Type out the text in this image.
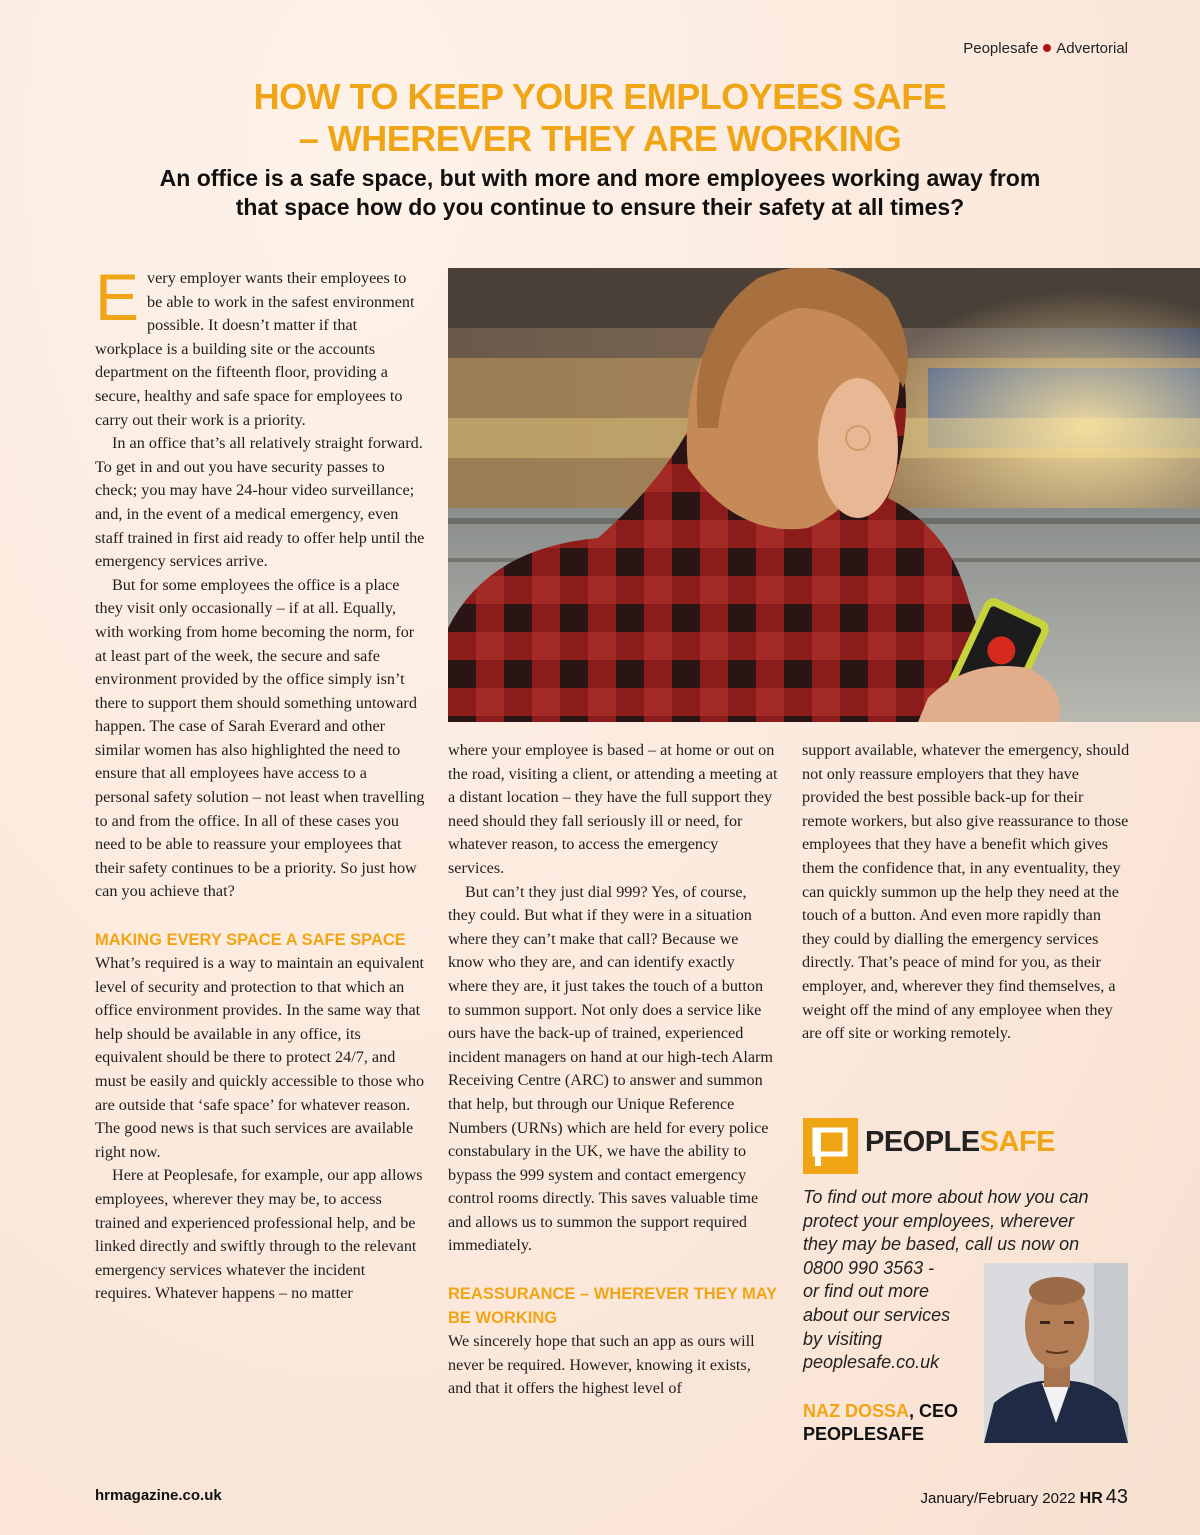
Peoplesafe Advertorial
HOW TO KEEP YOUR EMPLOYEES SAFE
– WHEREVER THEY ARE WORKING
An office is a safe space, but with more and more employees working away from
that space how do you continue to ensure their safety at all times?

Every employer wants their employees to be able to work in the safest environment possible. It doesn’t matter if that workplace is a building site or the accounts department on the fifteenth floor, providing a secure, healthy and safe space for employees to carry out their work is a priority.

In an office that’s all relatively straight forward. To get in and out you have security passes to check; you may have 24-hour video surveillance; and, in the event of a medical emergency, even staff trained in first aid ready to offer help until the emergency services arrive.

But for some employees the office is a place they visit only occasionally – if at all. Equally, with working from home becoming the norm, for at least part of the week, the secure and safe environment provided by the office simply isn’t there to support them should something untoward happen. The case of Sarah Everard and other similar women has also highlighted the need to ensure that all employees have access to a personal safety solution – not least when travelling to and from the office. In all of these cases you need to be able to reassure your employees that their safety continues to be a priority. So just how can you achieve that?

MAKING EVERY SPACE A SAFE SPACE

What’s required is a way to maintain an equivalent level of security and protection to that which an office environment provides. In the same way that help should be available in any office, its equivalent should be there to protect 24/7, and must be easily and quickly accessible to those who are outside that ‘safe space’ for whatever reason. The good news is that such services are available right now.

Here at Peoplesafe, for example, our app allows employees, wherever they may be, to access trained and experienced professional help, and be linked directly and swiftly through to the relevant emergency services whatever the incident requires. Whatever happens – no matter

where your employee is based – at home or out on the road, visiting a client, or attending a meeting at a distant location – they have the full support they need should they fall seriously ill or need, for whatever reason, to access the emergency services.

But can’t they just dial 999? Yes, of course, they could. But what if they were in a situation where they can’t make that call? Because we know who they are, and can identify exactly where they are, it just takes the touch of a button to summon support. Not only does a service like ours have the back-up of trained, experienced incident managers on hand at our high-tech Alarm Receiving Centre (ARC) to answer and summon that help, but through our Unique Reference Numbers (URNs) which are held for every police constabulary in the UK, we have the ability to bypass the 999 system and contact emergency control rooms directly. This saves valuable time and allows us to summon the support required immediately.

REASSURANCE – WHEREVER THEY MAY BE WORKING

We sincerely hope that such an app as ours will never be required. However, knowing it exists, and that it offers the highest level of

support available, whatever the emergency, should not only reassure employers that they have provided the best possible back-up for their remote workers, but also give reassurance to those employees that they have a benefit which gives them the confidence that, in any eventuality, they can quickly summon up the help they need at the touch of a button. And even more rapidly than they could by dialling the emergency services directly. That’s peace of mind for you, as their employer, and, wherever they find themselves, a weight off the mind of any employee when they are off site or working remotely.

PEOPLESAFE
To find out more about how you can
protect your employees, wherever
they may be based, call us now on
0800 990 3563 -
or find out more
about our services
by visiting
peoplesafe.co.uk
NAZ DOSSA, CEO
PEOPLESAFE
hrmagazine.co.uk	January/February 2022 HR 43
